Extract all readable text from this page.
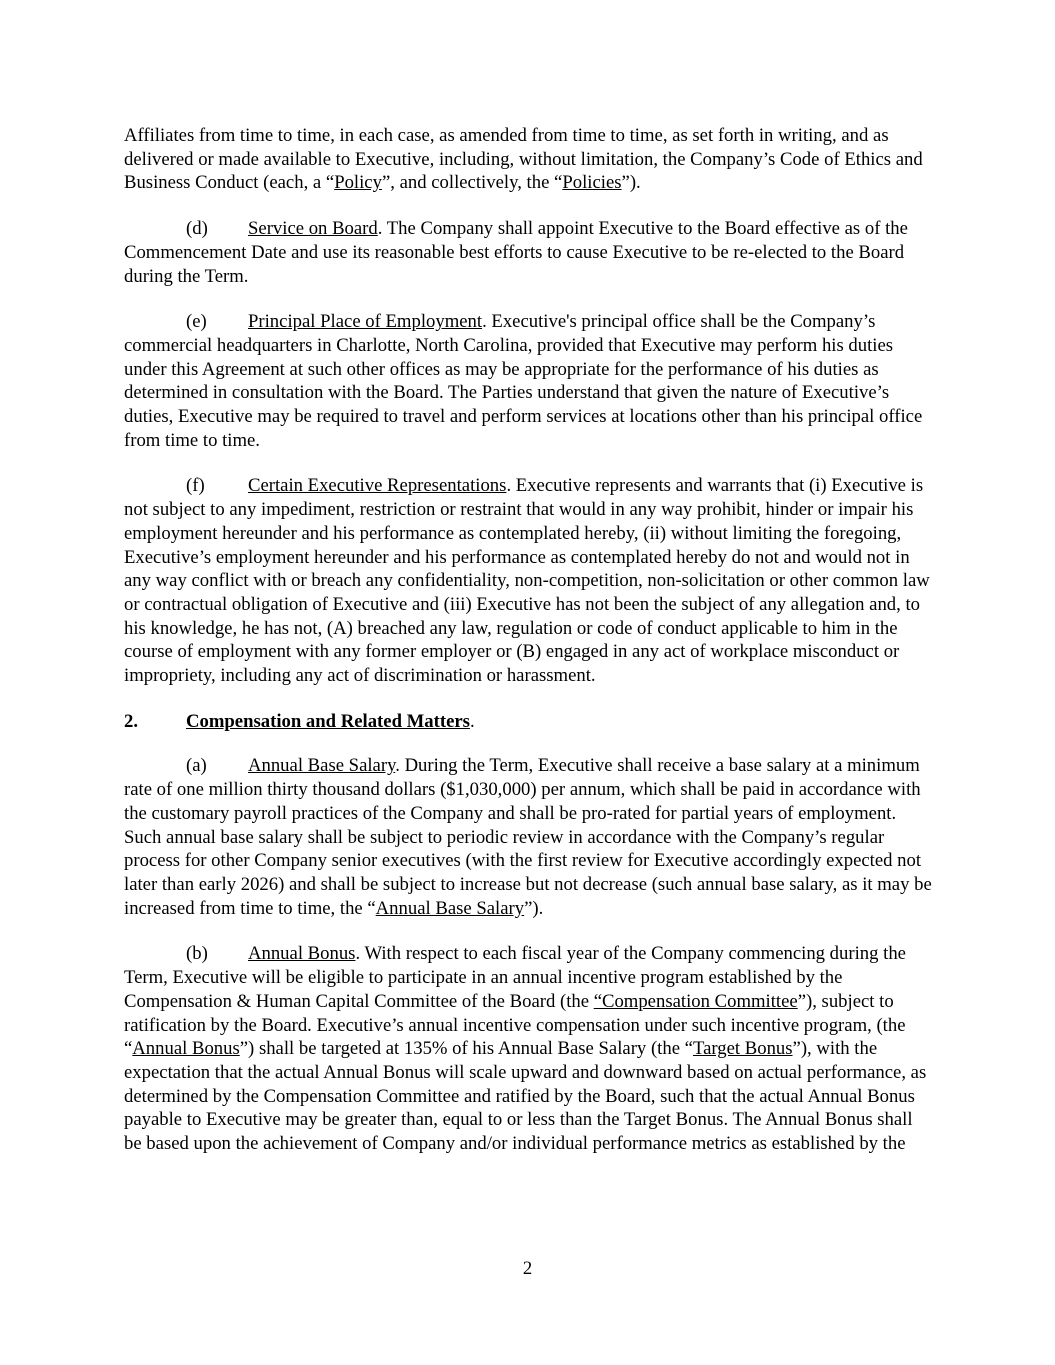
Affiliates from time to time, in each case, as amended from time to time, as set forth in writing, and as delivered or made available to Executive, including, without limitation, the Company’s Code of Ethics and Business Conduct (each, a “Policy”, and collectively, the “Policies”).

(d) Service on Board. The Company shall appoint Executive to the Board effective as of the Commencement Date and use its reasonable best efforts to cause Executive to be re-elected to the Board during the Term.

(e) Principal Place of Employment. Executive's principal office shall be the Company’s commercial headquarters in Charlotte, North Carolina, provided that Executive may perform his duties under this Agreement at such other offices as may be appropriate for the performance of his duties as determined in consultation with the Board. The Parties understand that given the nature of Executive’s duties, Executive may be required to travel and perform services at locations other than his principal office from time to time.

(f) Certain Executive Representations. Executive represents and warrants that (i) Executive is not subject to any impediment, restriction or restraint that would in any way prohibit, hinder or impair his employment hereunder and his performance as contemplated hereby, (ii) without limiting the foregoing, Executive’s employment hereunder and his performance as contemplated hereby do not and would not in any way conflict with or breach any confidentiality, non-competition, non-solicitation or other common law or contractual obligation of Executive and (iii) Executive has not been the subject of any allegation and, to his knowledge, he has not, (A) breached any law, regulation or code of conduct applicable to him in the course of employment with any former employer or (B) engaged in any act of workplace misconduct or impropriety, including any act of discrimination or harassment.

2.	Compensation and Related Matters.

(a) Annual Base Salary. During the Term, Executive shall receive a base salary at a minimum rate of one million thirty thousand dollars ($1,030,000) per annum, which shall be paid in accordance with the customary payroll practices of the Company and shall be pro-rated for partial years of employment. Such annual base salary shall be subject to periodic review in accordance with the Company’s regular process for other Company senior executives (with the first review for Executive accordingly expected not later than early 2026) and shall be subject to increase but not decrease (such annual base salary, as it may be increased from time to time, the “Annual Base Salary”).

(b) Annual Bonus. With respect to each fiscal year of the Company commencing during the Term, Executive will be eligible to participate in an annual incentive program established by the Compensation & Human Capital Committee of the Board (the “Compensation Committee”), subject to ratification by the Board. Executive’s annual incentive compensation under such incentive program, (the “Annual Bonus”) shall be targeted at 135% of his Annual Base Salary (the “Target Bonus”), with the expectation that the actual Annual Bonus will scale upward and downward based on actual performance, as determined by the Compensation Committee and ratified by the Board, such that the actual Annual Bonus payable to Executive may be greater than, equal to or less than the Target Bonus. The Annual Bonus shall be based upon the achievement of Company and/or individual performance metrics as established by the

2
